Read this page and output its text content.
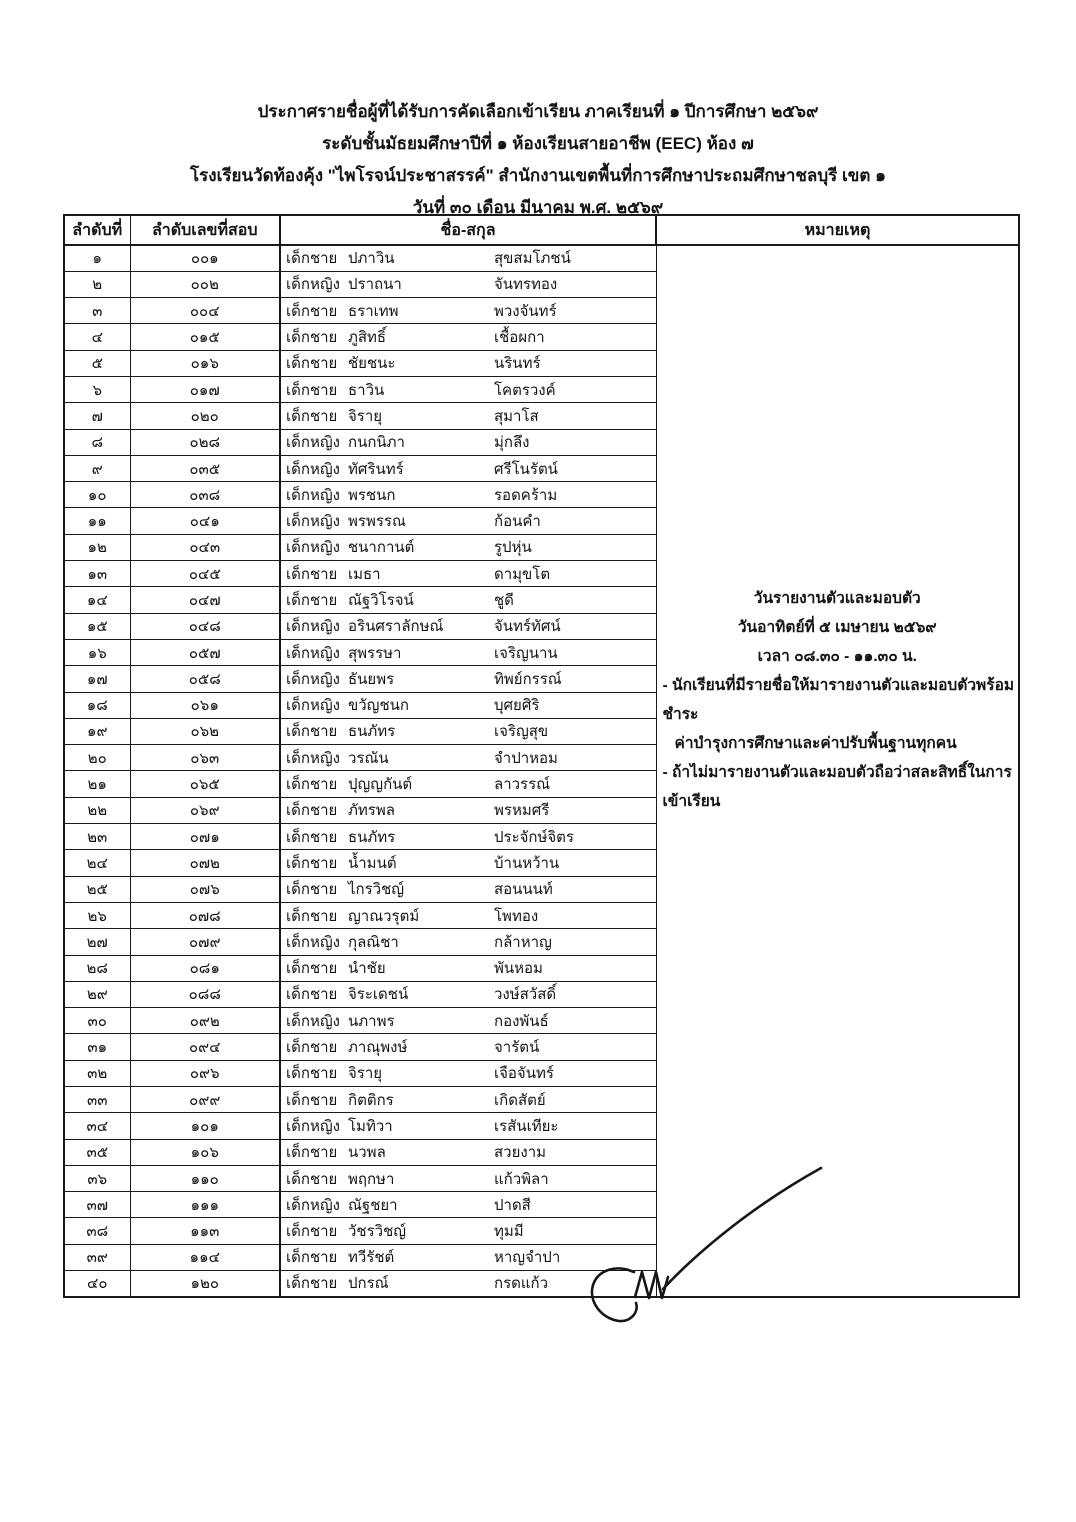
ประกาศรายชื่อผู้ที่ได้รับการคัดเลือกเข้าเรียน ภาคเรียนที่ ๑ ปีการศึกษา ๒๕๖๙
ระดับชั้นมัธยมศึกษาปีที่ ๑ ห้องเรียนสายอาชีพ (EEC) ห้อง ๗
โรงเรียนวัดท้องคุ้ง "ไพโรจน์ประชาสรรค์" สำนักงานเขตพื้นที่การศึกษาประถมศึกษาชลบุรี เขต ๑
วันที่ ๓๐ เดือน มีนาคม พ.ศ. ๒๕๖๙
ลำดับที่	ลำดับเลขที่สอบ	ชื่อ-สกุล	หมายเหตุ
๑	๐๐๑	เด็กชาย ปภาวิน	สุขสมโภชน์

วันรายงานตัวและมอบตัว
วันอาทิตย์ที่ ๕ เมษายน ๒๕๖๙
เวลา ๐๘.๓๐ - ๑๑.๓๐ น.
- นักเรียนที่มีรายชื่อให้มารายงานตัวและมอบตัวพร้อมชำระ
ค่าบำรุงการศึกษาและค่าปรับพื้นฐานทุกคน
- ถ้าไม่มารายงานตัวและมอบตัวถือว่าสละสิทธิ์ในการเข้าเรียน

๒	๐๐๒	เด็กหญิง ปราถนา จันทรทอง	

๓	๐๐๔	เด็กชาย ธราเทพ พวงจันทร์	

๔	๐๑๕	เด็กชาย ภูสิทธิ์ เชื้อผกา	

๕	๐๑๖	เด็กชาย ชัยชนะ นรินทร์	

๖	๐๑๗	เด็กชาย ธาวิน โคตรวงค์	

๗	๐๒๐	เด็กชาย จิรายุ สุมาโส	

๘	๐๒๘	เด็กหญิง กนกนิภา มุ่กลึง	

๙	๐๓๕	เด็กหญิง ทัศรินทร์ ศรีโนรัตน์	

๑๐	๐๓๘	เด็กหญิง พรชนก รอดคร้าม	

๑๑	๐๔๑	เด็กหญิง พรพรรณ ก้อนคำ	

๑๒	๐๔๓	เด็กหญิง ชนากานต์ รูปหุ่น	

๑๓	๐๔๕	เด็กชาย เมธา ดามุขโต	

๑๔	๐๔๗	เด็กชาย ณัฐวิโรจน์ ชูดี	

๑๕	๐๔๘	เด็กหญิง อรินศราลักษณ์ จันทร์ทัศน์	

๑๖	๐๕๗	เด็กหญิง สุพรรษา เจริญนาน	

๑๗	๐๕๘	เด็กหญิง ธันยพร ทิพย์กรรณ์	

๑๘	๐๖๑	เด็กหญิง ขวัญชนก บุศยศิริ	

๑๙	๐๖๒	เด็กชาย ธนภัทร เจริญสุข	

๒๐	๐๖๓	เด็กหญิง วรณัน จำปาหอม	

๒๑	๐๖๕	เด็กชาย ปุญญกันต์ ลาวรรณ์	

๒๒	๐๖๙	เด็กชาย ภัทรพล พรหมศรี	

๒๓	๐๗๑	เด็กชาย ธนภัทร ประจักษ์จิตร	

๒๔	๐๗๒	เด็กชาย น้ำมนต์ บ้านหว้าน	

๒๕	๐๗๖	เด็กชาย ไกรวิชญ์ สอนนนท์	

๒๖	๐๗๘	เด็กชาย ญาณวรุตม์ โพทอง	

๒๗	๐๗๙	เด็กหญิง กุลณิชา กล้าหาญ	

๒๘	๐๘๑	เด็กชาย นำชัย พันหอม	

๒๙	๐๘๘	เด็กชาย จิระเดชน์ วงษ์สวัสดิ์	

๓๐	๐๙๒	เด็กหญิง นภาพร กองพันธ์	

๓๑	๐๙๔	เด็กชาย ภาณุพงษ์ จารัตน์	

๓๒	๐๙๖	เด็กชาย จิรายุ เจือจันทร์	

๓๓	๐๙๙	เด็กชาย กิตติกร เกิดสัตย์	

๓๔	๑๐๑	เด็กหญิง โมทิวา เรสันเทียะ	

๓๕	๑๐๖	เด็กชาย นวพล สวยงาม	

๓๖	๑๑๐	เด็กชาย พฤกษา แก้วพิลา	

๓๗	๑๑๑	เด็กหญิง ณัฐชยา ปาดสี	

๓๘	๑๑๓	เด็กชาย วัชรวิชญ์ ทุมมี	

๓๙	๑๑๔	เด็กชาย ทวีรัชต์ หาญจำปา	

๔๐	๑๒๐	เด็กชาย ปกรณ์ กรดแก้ว	
